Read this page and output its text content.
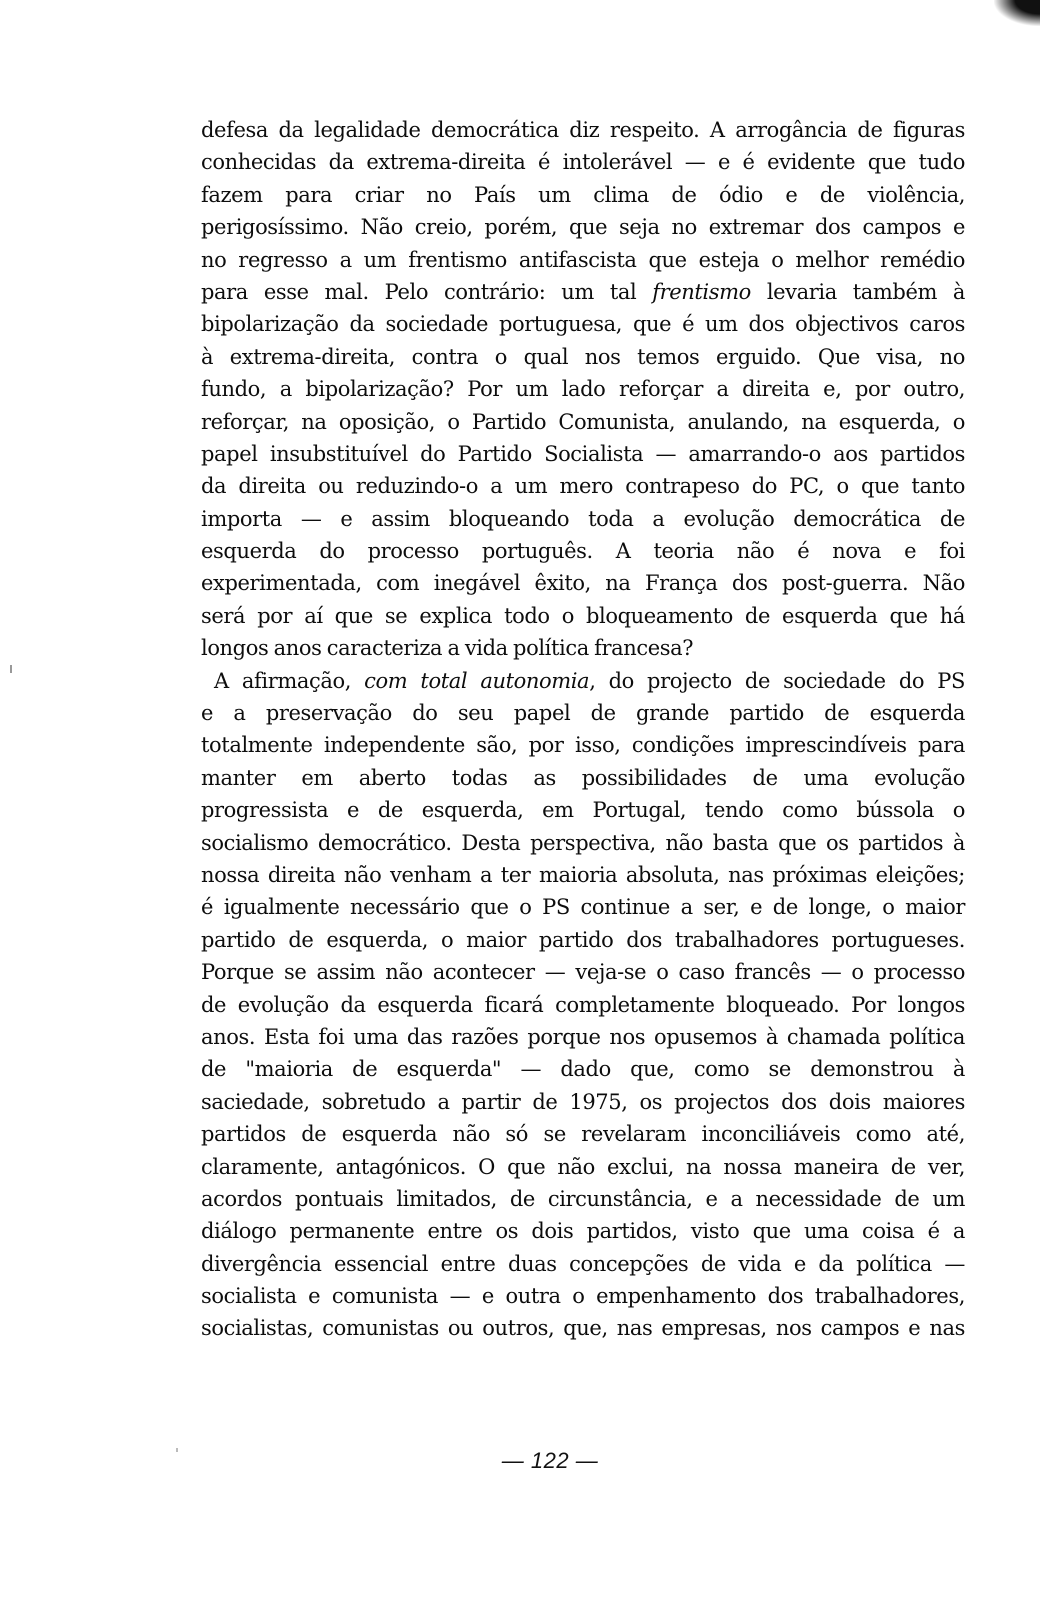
defesa da legalidade democrática diz respeito. A arrogância de figuras
conhecidas da extrema-direita é intolerável — e é evidente que tudo
fazem para criar no País um clima de ódio e de violência,
perigosíssimo. Não creio, porém, que seja no extremar dos campos e
no regresso a um frentismo antifascista que esteja o melhor remédio
para esse mal. Pelo contrário: um tal frentismo levaria também à
bipolarização da sociedade portuguesa, que é um dos objectivos caros
à extrema-direita, contra o qual nos temos erguido. Que visa, no
fundo, a bipolarização? Por um lado reforçar a direita e, por outro,
reforçar, na oposição, o Partido Comunista, anulando, na esquerda, o
papel insubstituível do Partido Socialista — amarrando-o aos partidos
da direita ou reduzindo-o a um mero contrapeso do PC, o que tanto
importa — e assim bloqueando toda a evolução democrática de
esquerda do processo português. A teoria não é nova e foi
experimentada, com inegável êxito, na França dos post-guerra. Não
será por aí que se explica todo o bloqueamento de esquerda que há
longos anos caracteriza a vida política francesa?
A afirmação, com total autonomia, do projecto de sociedade do PS
e a preservação do seu papel de grande partido de esquerda
totalmente independente são, por isso, condições imprescindíveis para
manter em aberto todas as possibilidades de uma evolução
progressista e de esquerda, em Portugal, tendo como bússola o
socialismo democrático. Desta perspectiva, não basta que os partidos à
nossa direita não venham a ter maioria absoluta, nas próximas eleições;
é igualmente necessário que o PS continue a ser, e de longe, o maior
partido de esquerda, o maior partido dos trabalhadores portugueses.
Porque se assim não acontecer — veja-se o caso francês — o processo
de evolução da esquerda ficará completamente bloqueado. Por longos
anos. Esta foi uma das razões porque nos opusemos à chamada política
de "maioria de esquerda" — dado que, como se demonstrou à
saciedade, sobretudo a partir de 1975, os projectos dos dois maiores
partidos de esquerda não só se revelaram inconciliáveis como até,
claramente, antagónicos. O que não exclui, na nossa maneira de ver,
acordos pontuais limitados, de circunstância, e a necessidade de um
diálogo permanente entre os dois partidos, visto que uma coisa é a
divergência essencial entre duas concepções de vida e da política —
socialista e comunista — e outra o empenhamento dos trabalhadores,
socialistas, comunistas ou outros, que, nas empresas, nos campos e nas
— 122 —
